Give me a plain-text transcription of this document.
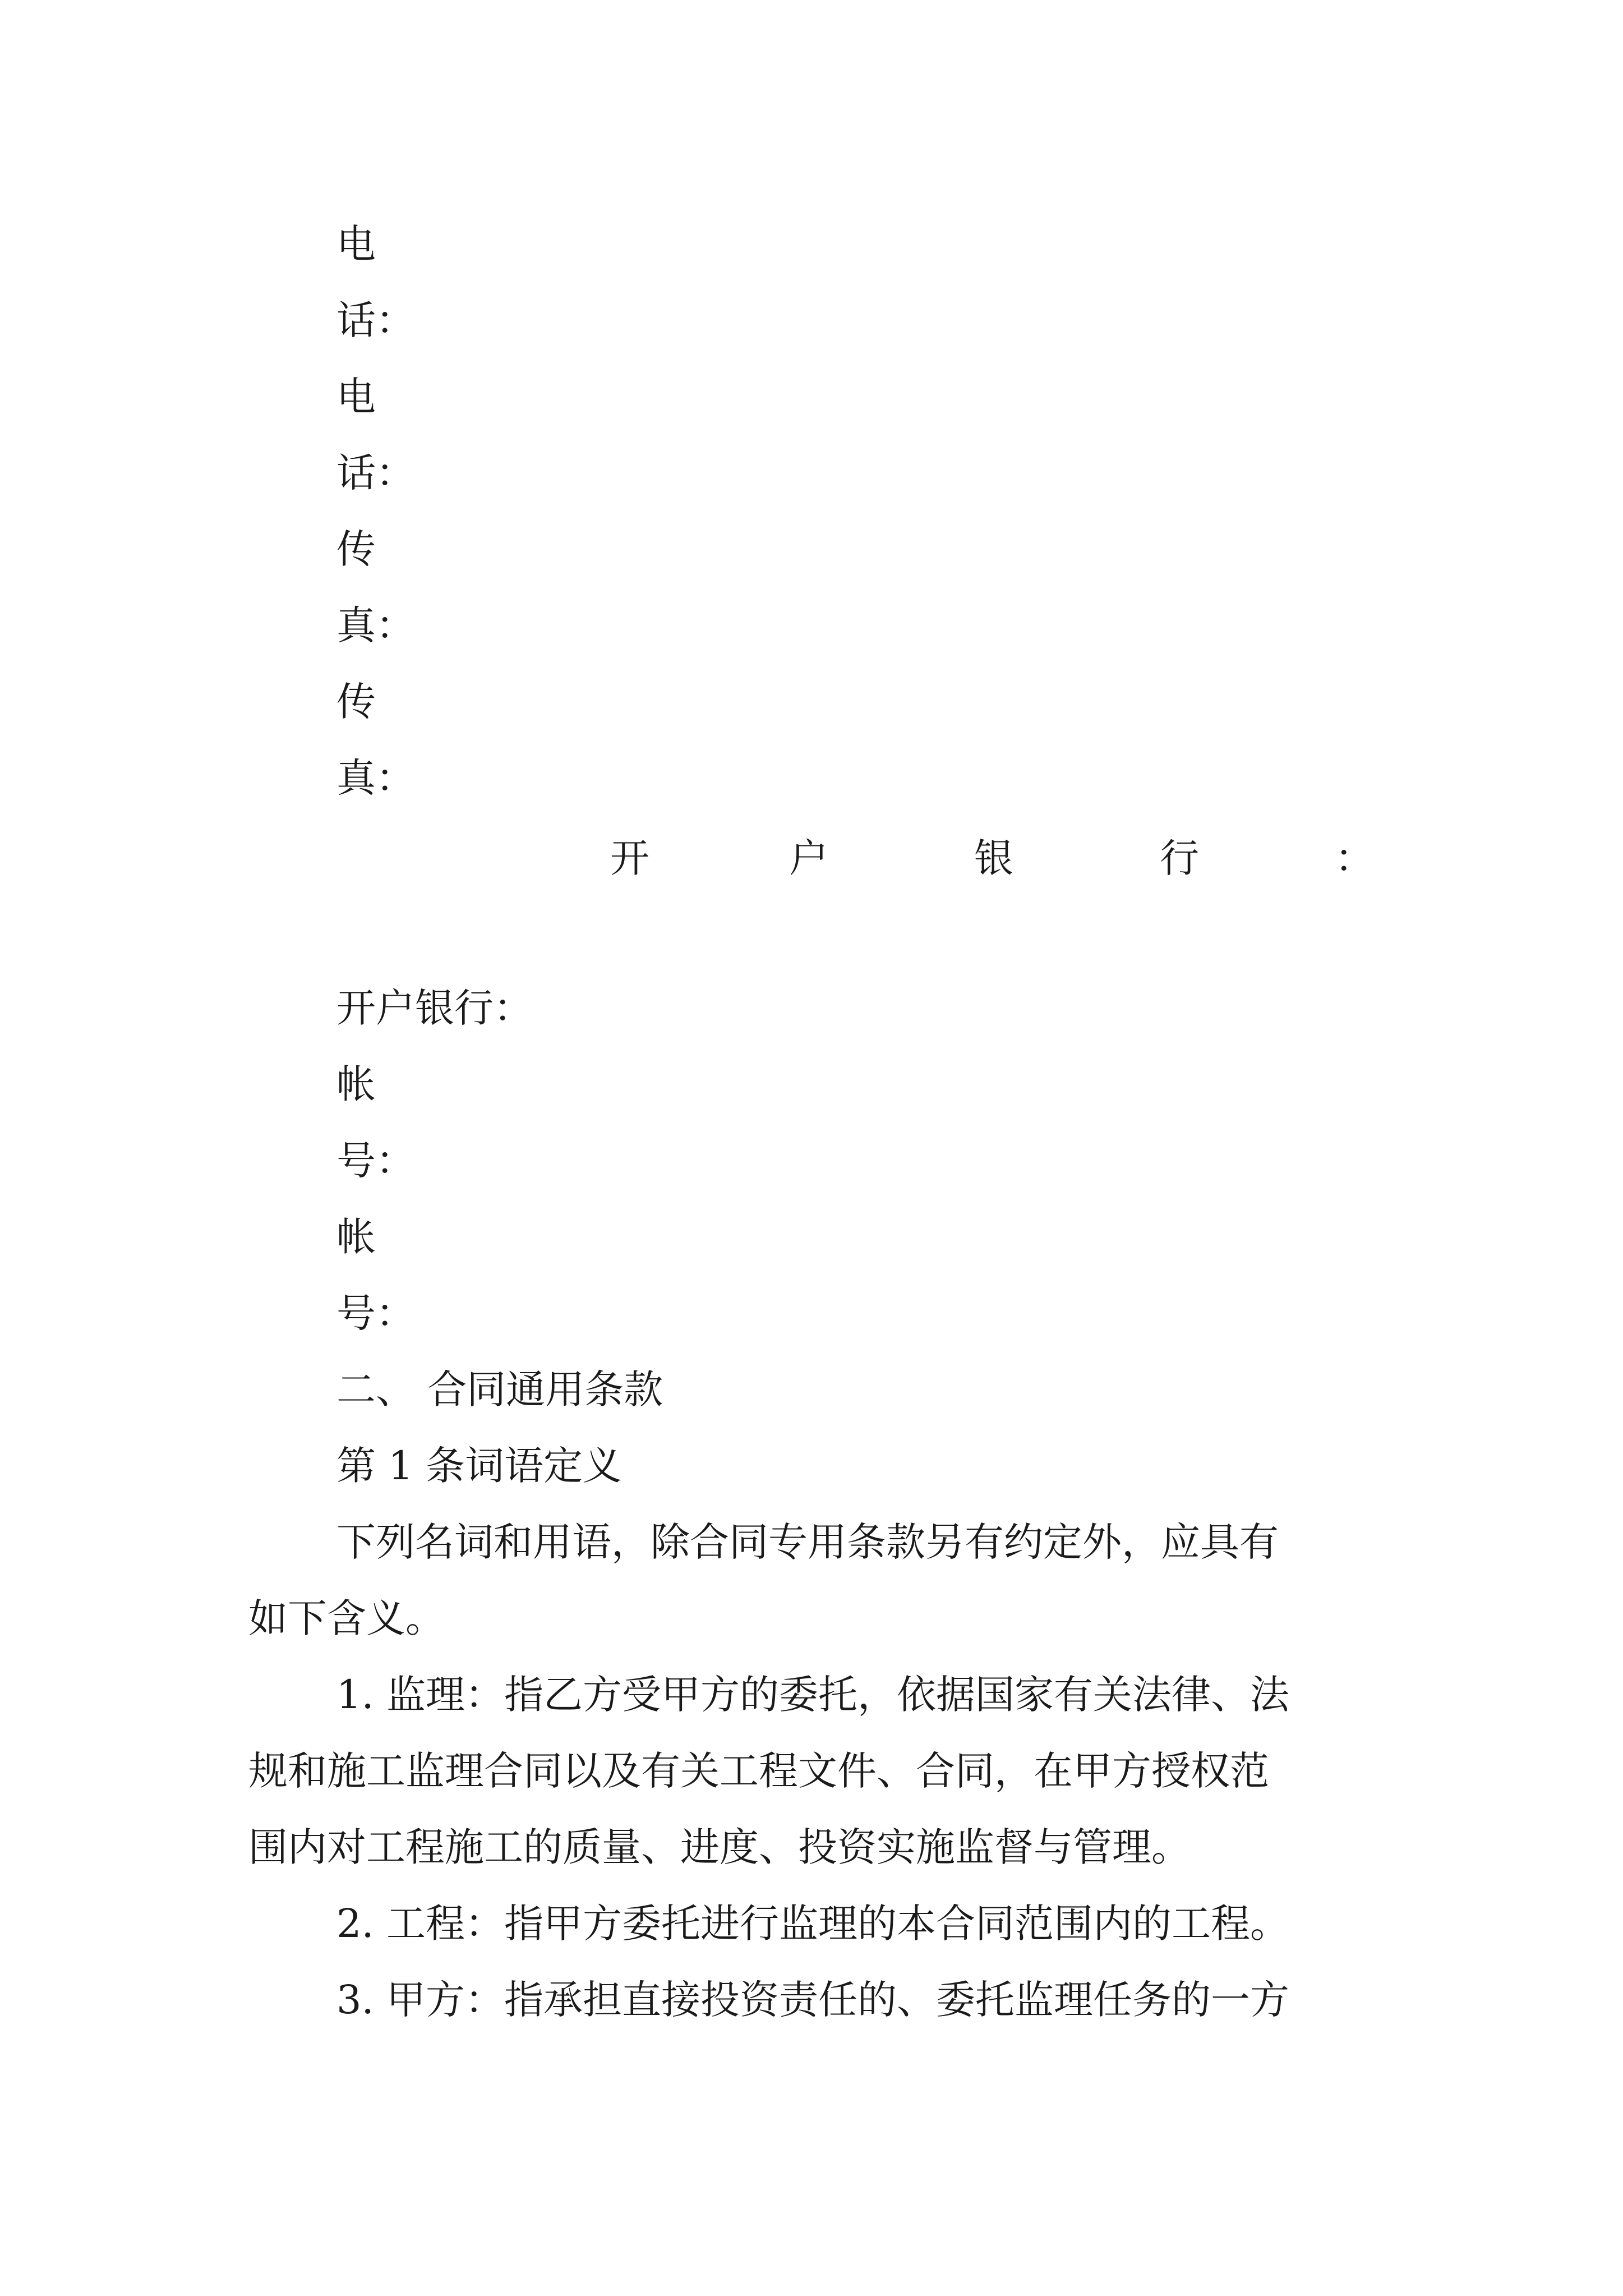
电
话：
电
话：
传
真：
传
真：
开	户	银	行	：
开户银行：
帐
号：
帐
号：
二、 合同通用条款
第 1 条词语定义
下列名词和用语，除合同专用条款另有约定外，应具有
如下含义。
1. 监理：指乙方受甲方的委托，依据国家有关法律、法
规和施工监理合同以及有关工程文件、合同，在甲方授权范
围内对工程施工的质量、进度、投资实施监督与管理。
2. 工程：指甲方委托进行监理的本合同范围内的工程。
3. 甲方：指承担直接投资责任的、委托监理任务的一方
